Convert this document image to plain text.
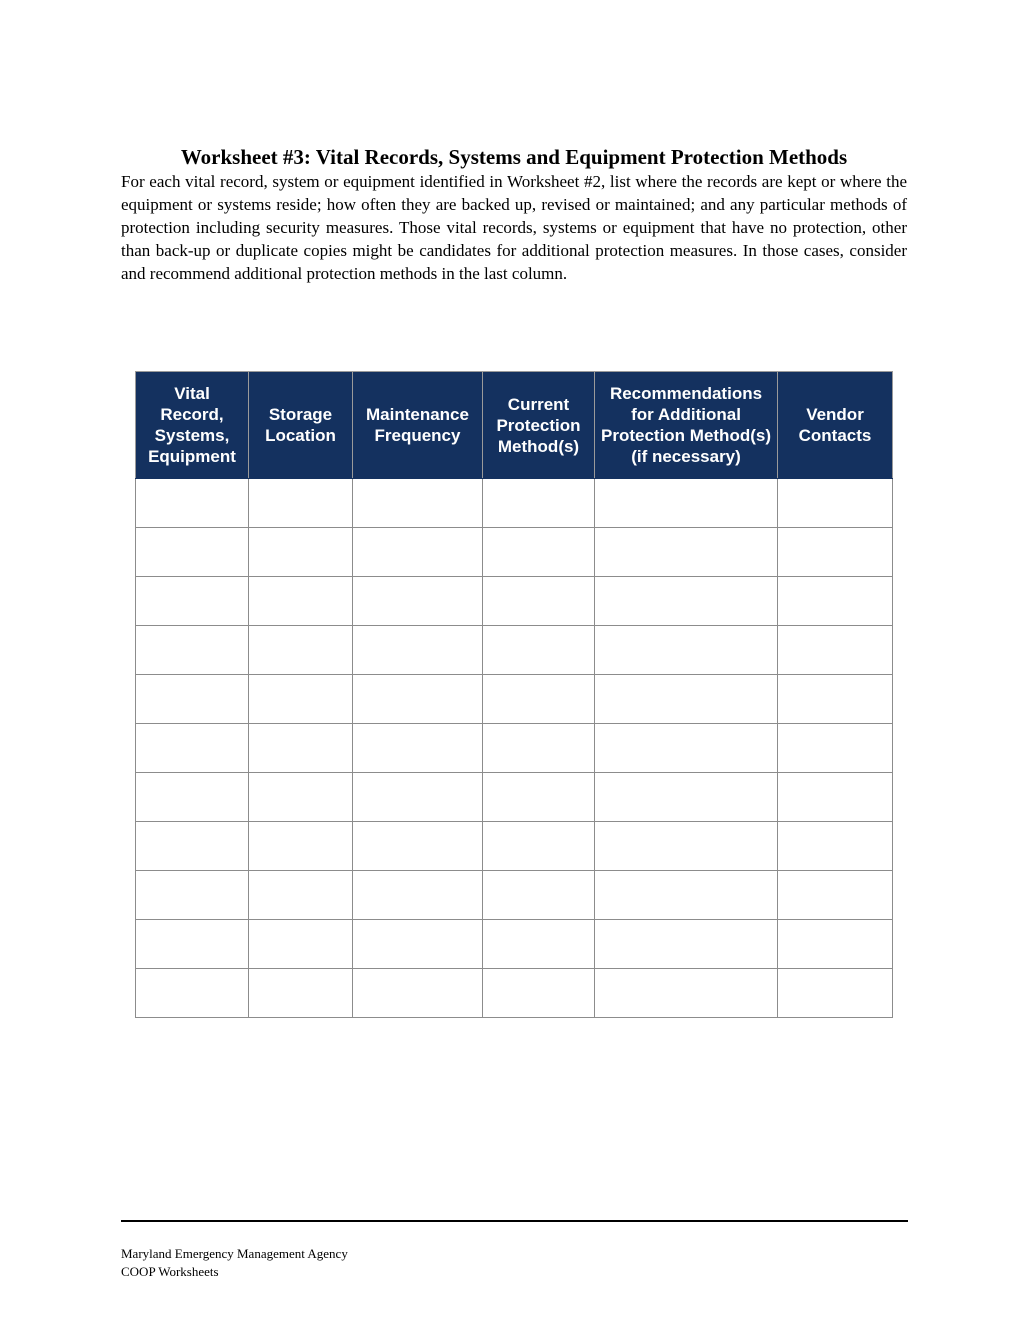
Worksheet #3: Vital Records, Systems and Equipment Protection Methods
For each vital record, system or equipment identified in Worksheet #2, list where the records are kept or where the equipment or systems reside; how often they are backed up, revised or maintained; and any particular methods of protection including security measures. Those vital records, systems or equipment that have no protection, other than back-up or duplicate copies might be candidates for additional protection measures. In those cases, consider and recommend additional protection methods in the last column.
Vital Record, Systems, Equipment	Storage Location	Maintenance Frequency	Current Protection Method(s)	Recommendations for Additional Protection Method(s) (if necessary)	Vendor Contacts

Maryland Emergency Management Agency
COOP Worksheets
